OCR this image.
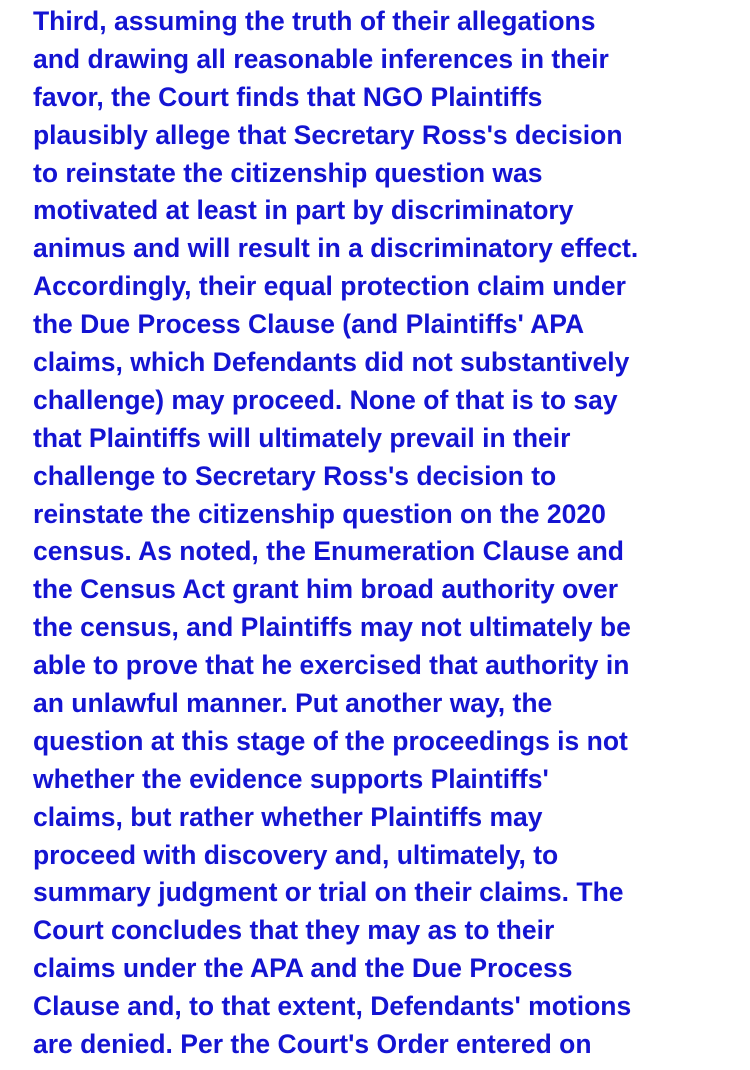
Third, assuming the truth of their allegations
and drawing all reasonable inferences in their
favor, the Court finds that NGO Plaintiffs
plausibly allege that Secretary Ross's decision
to reinstate the citizenship question was
motivated at least in part by discriminatory
animus and will result in a discriminatory effect.
Accordingly, their equal protection claim under
the Due Process Clause (and Plaintiffs' APA
claims, which Defendants did not substantively
challenge) may proceed. None of that is to say
that Plaintiffs will ultimately prevail in their
challenge to Secretary Ross's decision to
reinstate the citizenship question on the 2020
census. As noted, the Enumeration Clause and
the Census Act grant him broad authority over
the census, and Plaintiffs may not ultimately be
able to prove that he exercised that authority in
an unlawful manner. Put another way, the
question at this stage of the proceedings is not
whether the evidence supports Plaintiffs'
claims, but rather whether Plaintiffs may
proceed with discovery and, ultimately, to
summary judgment or trial on their claims. The
Court concludes that they may as to their
claims under the APA and the Due Process
Clause and, to that extent, Defendants' motions
are denied. Per the Court's Order entered on
